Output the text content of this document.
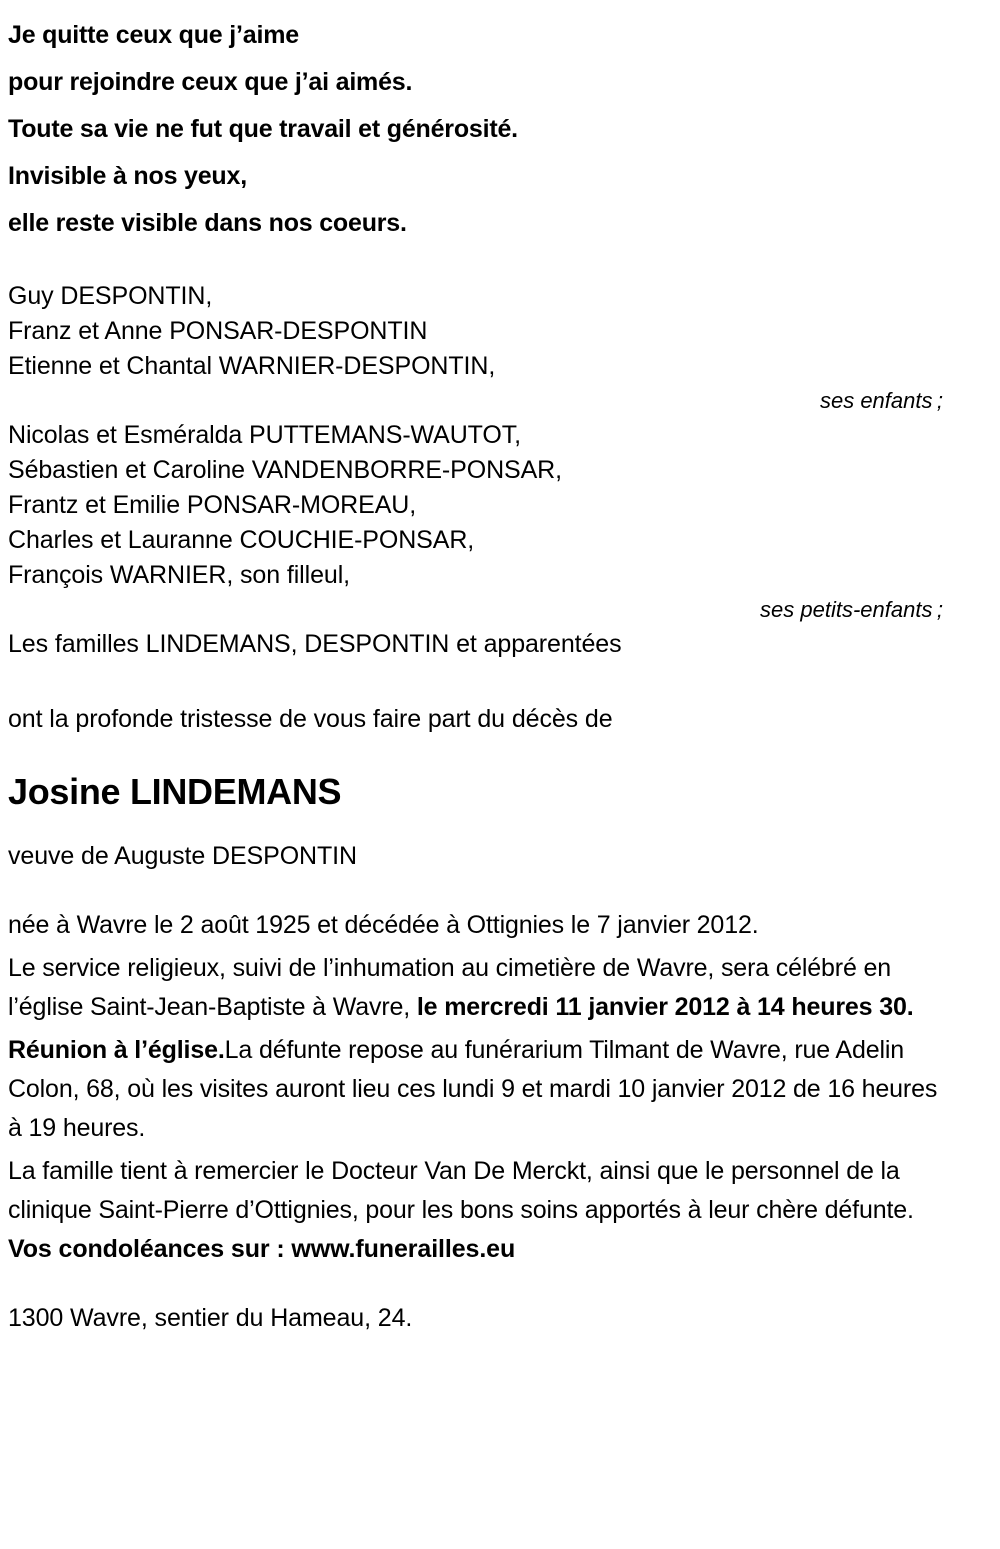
Je quitte ceux que j’aime
pour rejoindre ceux que j’ai aimés.
Toute sa vie ne fut que travail et générosité.
Invisible à nos yeux,
elle reste visible dans nos coeurs.
Guy DESPONTIN,
Franz et Anne PONSAR-DESPONTIN
Etienne et Chantal WARNIER-DESPONTIN,
ses enfants ;
Nicolas et Esméralda PUTTEMANS-WAUTOT,
Sébastien et Caroline VANDENBORRE-PONSAR,
Frantz et Emilie PONSAR-MOREAU,
Charles et Lauranne COUCHIE-PONSAR,
François WARNIER, son filleul,
ses petits-enfants ;
Les familles LINDEMANS, DESPONTIN et apparentées
ont la profonde tristesse de vous faire part du décès de
Josine LINDEMANS
veuve de Auguste DESPONTIN

née à Wavre le 2 août 1925 et décédée à Ottignies le 7 janvier 2012.

Le service religieux, suivi de l’inhumation au cimetière de Wavre, sera célébré en l’église Saint-Jean-Baptiste à Wavre, le mercredi 11 janvier 2012 à 14 heures 30.

Réunion à l’église.La défunte repose au funérarium Tilmant de Wavre, rue Adelin Colon, 68, où les visites auront lieu ces lundi 9 et mardi 10 janvier 2012 de 16 heures à 19 heures.

La famille tient à remercier le Docteur Van De Merckt, ainsi que le personnel de la clinique Saint-Pierre d’Ottignies, pour les bons soins apportés à leur chère défunte.

Vos condoléances sur : www.funerailles.eu
1300 Wavre, sentier du Hameau, 24.
